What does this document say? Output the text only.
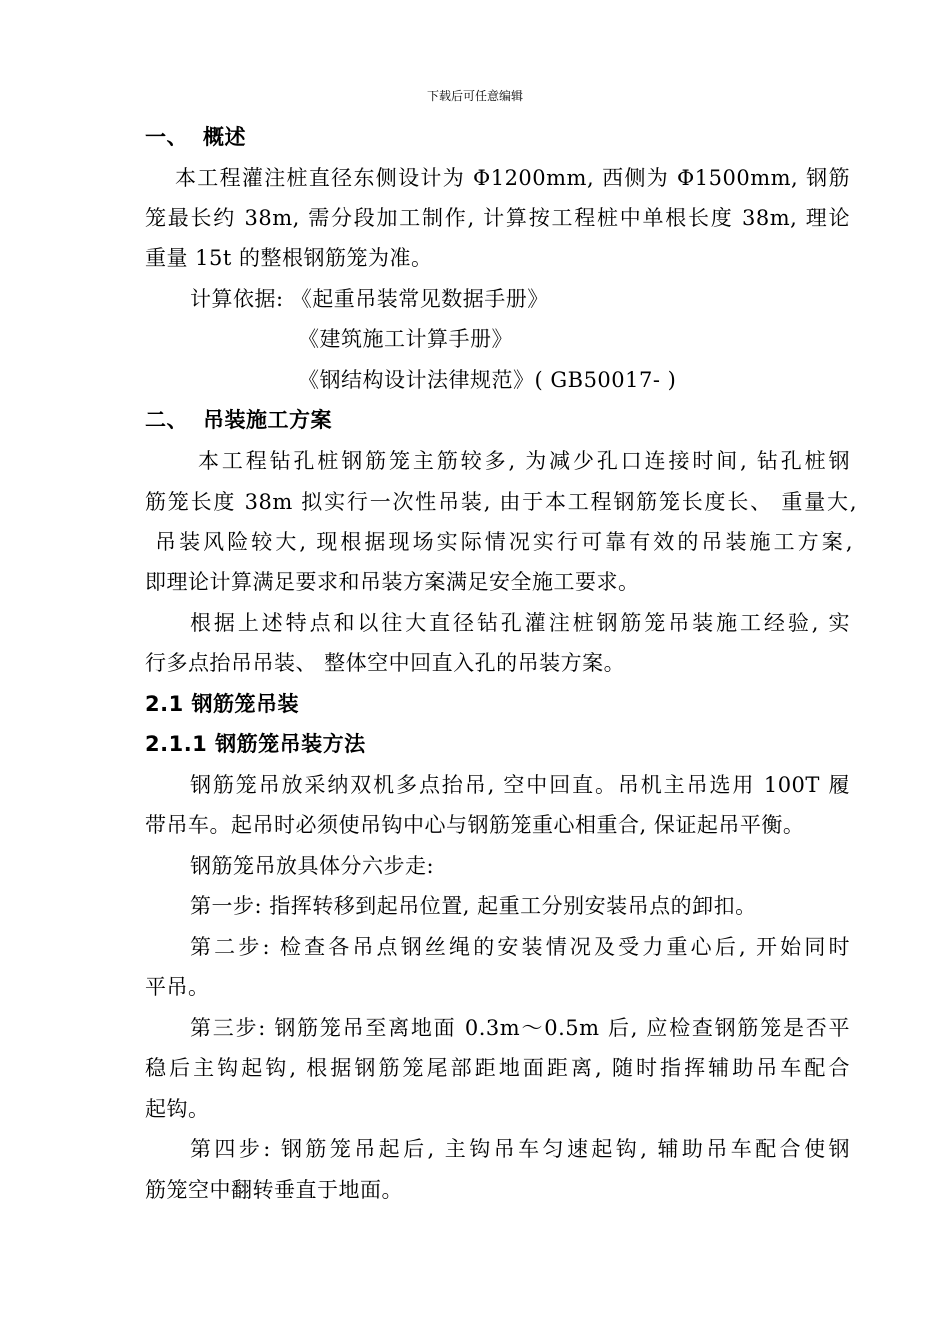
下载后可任意编辑
一、 概述
本工程灌注桩直径东侧设计为 Φ1200mm, 西侧为 Φ1500mm, 钢筋
笼最长约 38m, 需分段加工制作, 计算按工程桩中单根长度 38m, 理论
重量 15t 的整根钢筋笼为准。
计算依据: 《起重吊装常见数据手册》
《建筑施工计算手册》
《钢结构设计法律规范》( GB50017- )
二、 吊装施工方案
本工程钻孔桩钢筋笼主筋较多, 为减少孔口连接时间, 钻孔桩钢
筋笼长度 38m 拟实行一次性吊装, 由于本工程钢筋笼长度长、 重量大,
吊装风险较大, 现根据现场实际情况实行可靠有效的吊装施工方案,
即理论计算满足要求和吊装方案满足安全施工要求。
根据上述特点和以往大直径钻孔灌注桩钢筋笼吊装施工经验, 实
行多点抬吊吊装、 整体空中回直入孔的吊装方案。
2.1 钢筋笼吊装
2.1.1 钢筋笼吊装方法
钢筋笼吊放采纳双机多点抬吊, 空中回直。吊机主吊选用 100T 履
带吊车。起吊时必须使吊钩中心与钢筋笼重心相重合, 保证起吊平衡。
钢筋笼吊放具体分六步走:
第一步: 指挥转移到起吊位置, 起重工分别安装吊点的卸扣。
第二步: 检查各吊点钢丝绳的安装情况及受力重心后, 开始同时
平吊。
第三步: 钢筋笼吊至离地面 0.3m～0.5m 后, 应检查钢筋笼是否平
稳后主钩起钩, 根据钢筋笼尾部距地面距离, 随时指挥辅助吊车配合
起钩。
第四步: 钢筋笼吊起后, 主钩吊车匀速起钩, 辅助吊车配合使钢
筋笼空中翻转垂直于地面。
